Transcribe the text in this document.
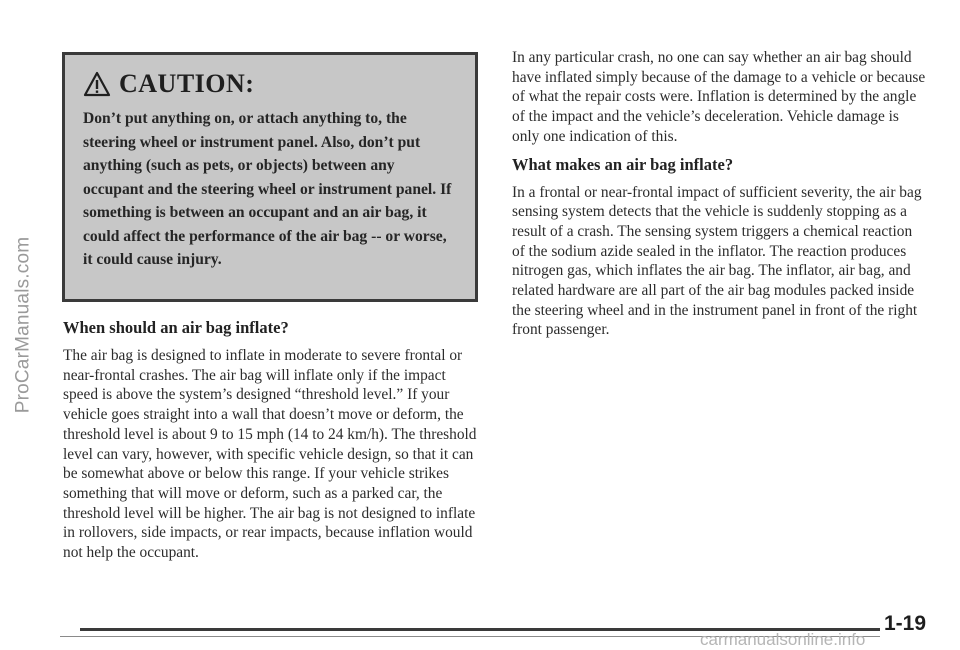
ProCarManuals.com
CAUTION:

Don’t put anything on, or attach anything to, the steering wheel or instrument panel. Also, don’t put anything (such as pets, or objects) between any occupant and the steering wheel or instrument panel. If something is between an occupant and an air bag, it could affect the performance of the air bag -- or worse, it could cause injury.

When should an air bag inflate?

The air bag is designed to inflate in moderate to severe frontal or near-frontal crashes. The air bag will inflate only if the impact speed is above the system’s designed “threshold level.” If your vehicle goes straight into a wall that doesn’t move or deform, the threshold level is about 9 to 15 mph (14 to 24 km/h). The threshold level can vary, however, with specific vehicle design, so that it can be somewhat above or below this range. If your vehicle strikes something that will move or deform, such as a parked car, the threshold level will be higher. The air bag is not designed to inflate in rollovers, side impacts, or rear impacts, because inflation would not help the occupant.

In any particular crash, no one can say whether an air bag should have inflated simply because of the damage to a vehicle or because of what the repair costs were. Inflation is determined by the angle of the impact and the vehicle’s deceleration. Vehicle damage is only one indication of this.

What makes an air bag inflate?

In a frontal or near-frontal impact of sufficient severity, the air bag sensing system detects that the vehicle is suddenly stopping as a result of a crash. The sensing system triggers a chemical reaction of the sodium azide sealed in the inflator. The reaction produces nitrogen gas, which inflates the air bag. The inflator, air bag, and related hardware are all part of the air bag modules packed inside the steering wheel and in the instrument panel in front of the right front passenger.

1-19
carmanualsonline.info
